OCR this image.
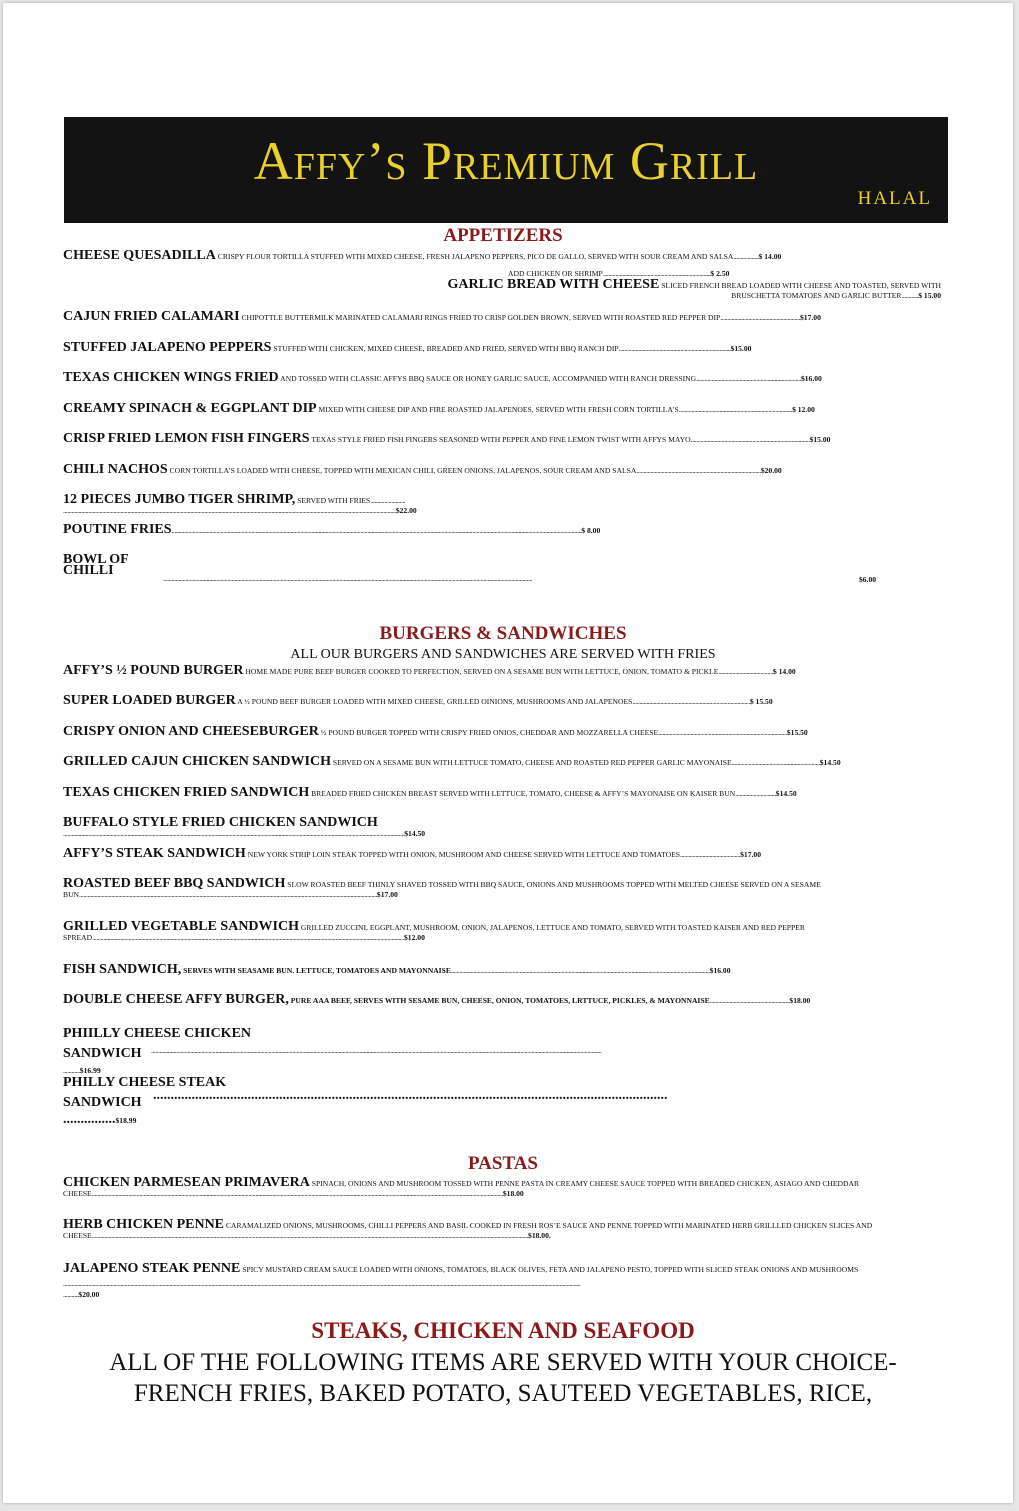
Affy’s Premium Grill
HALAL
APPETIZERS
CHEESE QUESADILLA CRISPY FLOUR TORTILLA STUFFED WITH MIXED CHEESE, FRESH JALAPENO PEPPERS, PICO DE GALLO, SERVED WITH SOUR CREAM AND SALSA..................$ 14.00
ADD CHICKEN OR SHRIMP.............................................................................$ 2.50
GARLIC BREAD WITH CHEESE SLICED FRENCH BREAD LOADED WITH CHEESE AND TOASTED, SERVED WITH BRUSCHETTA TOMATOES AND GARLIC BUTTER............$ 15.00
CAJUN FRIED CALAMARI CHIPOTTLE BUTTERMILK MARINATED CALAMARI RINGS FRIED TO CRISP GOLDEN BROWN, SERVED WITH ROASTED RED PEPPER DIP.........................................................$17.00
STUFFED JALAPENO PEPPERS STUFFED WITH CHICKEN, MIXED CHEESE, BREADED AND FRIED, SERVED WITH BBQ RANCH DIP................................................................................$15.00
TEXAS CHICKEN WINGS FRIED AND TOSSED WITH CLASSIC AFFYS BBQ SAUCE OR HONEY GARLIC SAUCE, ACCOMPANIED WITH RANCH DRESSING...........................................................................$16.00
CREAMY SPINACH & EGGPLANT DIP MIXED WITH CHEESE DIP AND FIRE ROASTED JALAPENOES, SERVED WITH FRESH CORN TORTILLA’S.................................................................................$ 12.00
CRISP FRIED LEMON FISH FINGERS TEXAS STYLE FRIED FISH FINGERS SEASONED WITH PEPPER AND FINE LEMON TWIST WITH AFFYS MAYO.....................................................................................$15.00
CHILI NACHOS CORN TORTILLA’S LOADED WITH CHEESE, TOPPED WITH MEXICAN CHILI, GREEN ONIONS, JALAPENOS, SOUR CREAM AND SALSA.........................................................................................$20.00
12 PIECES JUMBO TIGER SHRIMP, SERVED WITH FRIES.........................
..............................................................................................................................................................................................................................................$22.00
POUTINE FRIES.....................................................................................................................................................................................................................................................................................................$ 8.00
BOWL OF CHILLI
........................................................................................................................................................................................................................................................................	$6.00
BURGERS & SANDWICHES
ALL OUR BURGERS AND SANDWICHES ARE SERVED WITH FRIES
AFFY’S ½ POUND BURGER HOME MADE PURE BEEF BURGER COOKED TO PERFECTION, SERVED ON A SESAME BUN WITH LETTUCE, ONION, TOMATO & PICKLE.......................................$ 14.00
SUPER LOADED BURGER A ½ POUND BEEF BURGER LOADED WITH MIXED CHEESE, GRILLED OINIONS, MUSHROOMS AND JALAPENOES....................................................................................$ 15.50
CRISPY ONION AND CHEESEBURGER ½ POUND BURGER TOPPED WITH CRISPY FRIED ONIOS, CHEDDAR AND MOZZARELLA CHEESE............................................................................................$15.50
GRILLED CAJUN CHICKEN SANDWICH SERVED ON A SESAME BUN WITH LETTUCE TOMATO, CHEESE AND ROASTED RED PEPPER GARLIC MAYONAISE...............................................................$14.50
TEXAS CHICKEN FRIED SANDWICH BREADED FRIED CHICKEN BREAST SERVED WITH LETTUCE, TOMATO, CHEESE & AFFY’S MAYONAISE ON KAISER BUN.............................$14.50
BUFFALO STYLE FRIED CHICKEN SANDWICH
....................................................................................................................................................................................................................................................$14.50
AFFY’S STEAK SANDWICH NEW YORK STRIP LOIN STEAK TOPPED WITH ONION, MUSHROOM AND CHEESE SERVED WITH LETTUCE AND TOMATOES...........................................$17.00
ROASTED BEEF BBQ SANDWICH SLOW ROASTED BEEF THINLY SHAVED TOSSED WITH BBQ SAUCE, ONIONS AND MUSHROOMS TOPPED WITH MELTED CHEESE SERVED ON A SESAME BUN.....................................................................................................................................................................................................................$17.00
GRILLED VEGETABLE SANDWICH GRILLED ZUCCINI, EGGPLANT, MUSHROOM, ONION, JALAPENOS, LETTUCE AND TOMATO, SERVED WITH TOASTED KAISER AND RED PEPPER SPREAD...............................................................................................................................................................................................................................$12.00
FISH SANDWICH, SERVES WITH SEASAME BUN. LETTUCE, TOMATOES AND MAYONNAISE.........................................................................................................................................................................................$16.00
DOUBLE CHEESE AFFY BURGER, PURE AAA BEEF, SERVES WITH SESAME BUN, CHEESE, ONION, TOMATOES, LRTTUCE, PICKLES, & MAYONNAISE.........................................................$18.00
PHIILLY CHEESE CHICKEN SANDWICH	..................................................................................................................................................................................................................................................................................................................................
............$16.99
PHILLY CHEESE STEAK SANDWICH ...................................................................................................................................................
...............$18.99
PASTAS
CHICKEN PARMESEAN PRIMAVERA SPINACH, ONIONS AND MUSHROOM TOSSED WITH PENNE PASTA IN CREAMY CHEESE SAUCE TOPPED WITH BREADED CHICKEN, ASIAGO AND CHEDDAR CHEESE......................................................................................................................................................................................................................................................................................................$18.00
HERB CHICKEN PENNE CARAMALIZED ONIONS, MUSHROOMS, CHILLI PEPPERS AND BASIL COOKED IN FRESH ROS’E SAUCE AND PENNE TOPPED WITH MARINATED HERB GRILLLED CHICKEN SLICES AND CHEESE........................................................................................................................................................................................................................................................................................................................$18.00.
JALAPENO STEAK PENNE SPICY MUSTARD CREAM SAUCE LOADED WITH ONIONS, TOMATOES, BLACK OLIVES, FETA AND JALAPENO PESTO, TOPPED WITH SLICED STEAK ONIONS AND MUSHROOMS

..................................................................................................................................................................................................................................................................................................................................................................................
...........$20.00
STEAKS, CHICKEN AND SEAFOOD
ALL OF THE FOLLOWING ITEMS ARE SERVED WITH YOUR CHOICE-
FRENCH FRIES, BAKED POTATO, SAUTEED VEGETABLES, RICE,
